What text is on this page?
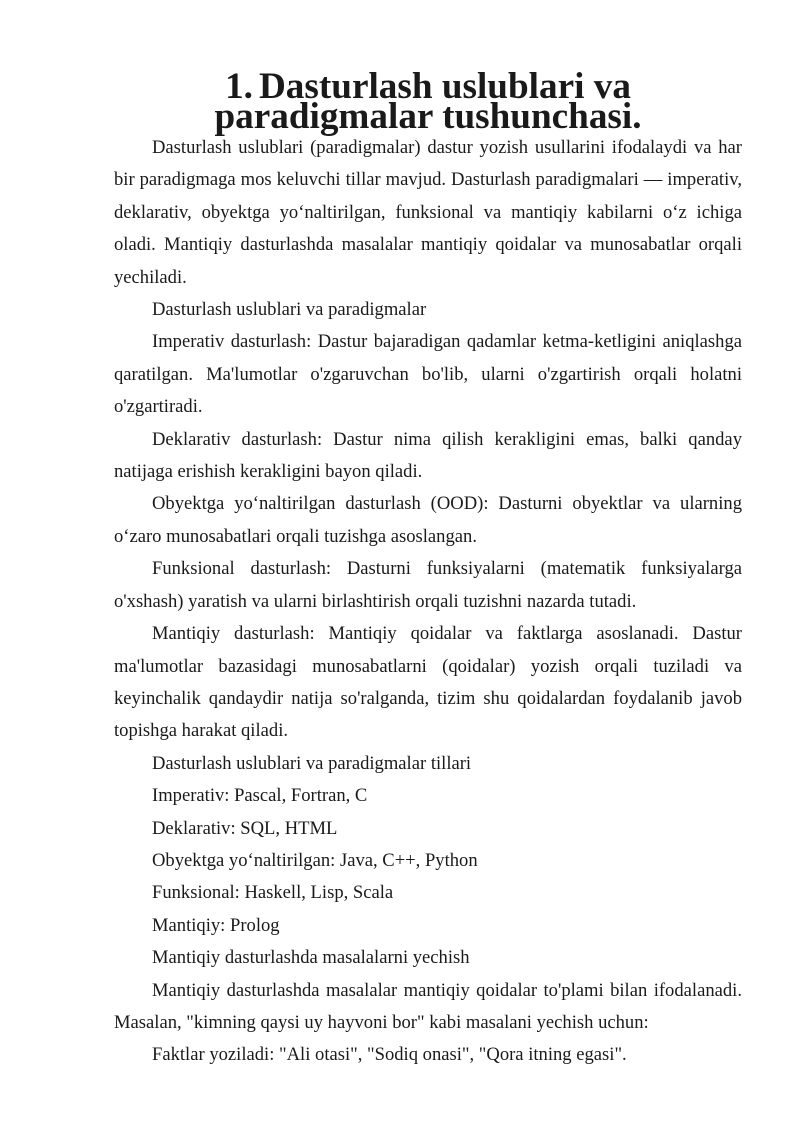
1. Dasturlash uslublari va paradigmalar tushunchasi.

Dasturlash uslublari (paradigmalar) dastur yozish usullarini ifodalaydi va har bir paradigmaga mos keluvchi tillar mavjud. Dasturlash paradigmalari — imperativ, deklarativ, obyektga yo‘naltirilgan, funksional va mantiqiy kabilarni o‘z ichiga oladi. Mantiqiy dasturlashda masalalar mantiqiy qoidalar va munosabatlar orqali yechiladi.

Dasturlash uslublari va paradigmalar

Imperativ dasturlash: Dastur bajaradigan qadamlar ketma-ketligini aniqlashga qaratilgan. Ma'lumotlar o'zgaruvchan bo'lib, ularni o'zgartirish orqali holatni o'zgartiradi.

Deklarativ dasturlash: Dastur nima qilish kerakligini emas, balki qanday natijaga erishish kerakligini bayon qiladi.

Obyektga yo‘naltirilgan dasturlash (OOD): Dasturni obyektlar va ularning o‘zaro munosabatlari orqali tuzishga asoslangan.

Funksional dasturlash: Dasturni funksiyalarni (matematik funksiyalarga o'xshash) yaratish va ularni birlashtirish orqali tuzishni nazarda tutadi.

Mantiqiy dasturlash: Mantiqiy qoidalar va faktlarga asoslanadi. Dastur ma'lumotlar bazasidagi munosabatlarni (qoidalar) yozish orqali tuziladi va keyinchalik qandaydir natija so'ralganda, tizim shu qoidalardan foydalanib javob topishga harakat qiladi.

Dasturlash uslublari va paradigmalar tillari

Imperativ: Pascal, Fortran, C

Deklarativ: SQL, HTML

Obyektga yo‘naltirilgan: Java, C++, Python

Funksional: Haskell, Lisp, Scala

Mantiqiy: Prolog

Mantiqiy dasturlashda masalalarni yechish

Mantiqiy dasturlashda masalalar mantiqiy qoidalar to'plami bilan ifodalanadi. Masalan, "kimning qaysi uy hayvoni bor" kabi masalani yechish uchun:

Faktlar yoziladi: "Ali otasi", "Sodiq onasi", "Qora itning egasi".
